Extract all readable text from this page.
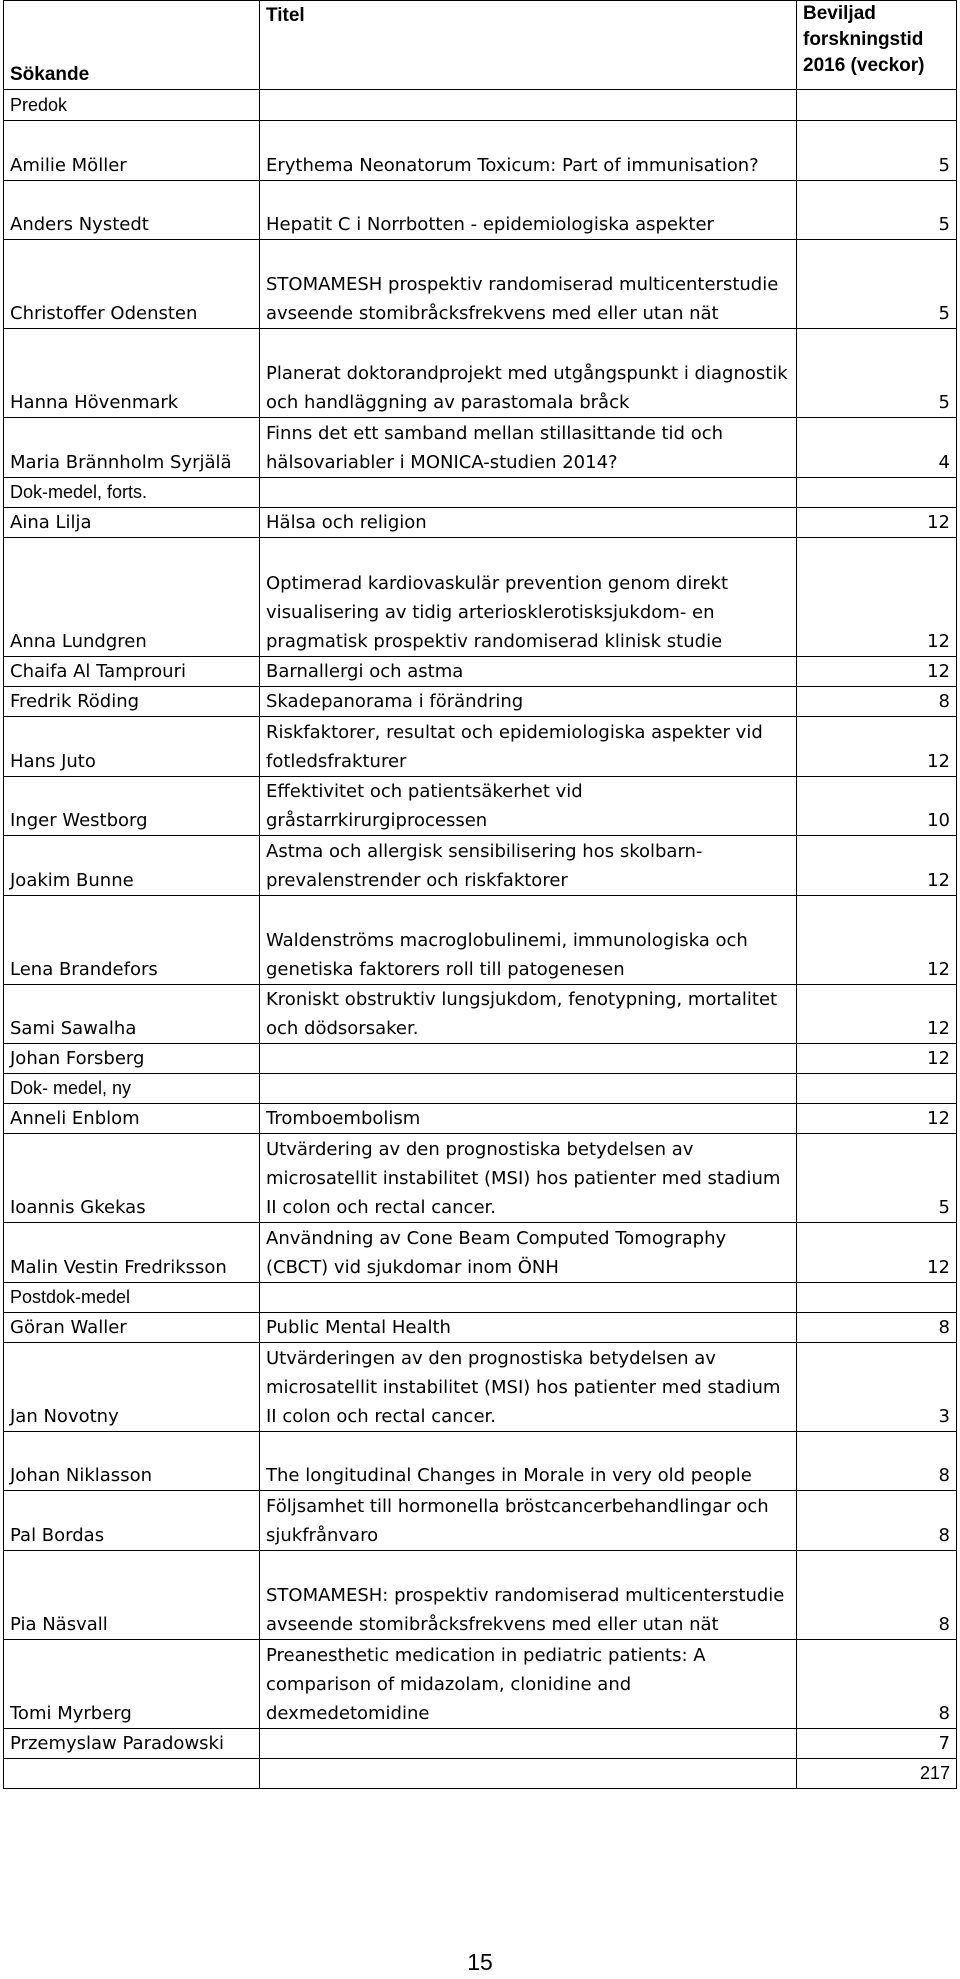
Sökande	Titel	Beviljad forskningstid 2016 (veckor)
Predok		
Amilie Möller	Erythema Neonatorum Toxicum: Part of immunisation?	5
Anders Nystedt	Hepatit C i Norrbotten - epidemiologiska aspekter	5
Christoffer Odensten	STOMAMESH prospektiv randomiserad multicenterstudie avseende stomibråcksfrekvens med eller utan nät	5
Hanna Hövenmark	Planerat doktorandprojekt med utgångspunkt i diagnostik och handläggning av parastomala bråck	5
Maria Brännholm Syrjälä	Finns det ett samband mellan stillasittande tid och hälsovariabler i MONICA-studien 2014?	4
Dok-medel, forts.		
Aina Lilja	Hälsa och religion	12
Anna Lundgren	Optimerad kardiovaskulär prevention genom direkt visualisering av tidig arteriosklerotisksjukdom- en pragmatisk prospektiv randomiserad klinisk studie	12
Chaifa Al Tamprouri	Barnallergi och astma	12
Fredrik Röding	Skadepanorama i förändring	8
Hans Juto	Riskfaktorer, resultat och epidemiologiska aspekter vid fotledsfrakturer	12
Inger Westborg	Effektivitet och patientsäkerhet vid gråstarrkirurgiprocessen	10
Joakim Bunne	Astma och allergisk sensibilisering hos skolbarn- prevalenstrender och riskfaktorer	12
Lena Brandefors	Waldenströms macroglobulinemi, immunologiska och genetiska faktorers roll till patogenesen	12
Sami Sawalha	Kroniskt obstruktiv lungsjukdom, fenotypning, mortalitet och dödsorsaker.	12
Johan Forsberg		12
Dok- medel, ny		
Anneli Enblom	Tromboembolism	12
Ioannis Gkekas	Utvärdering av den prognostiska betydelsen av microsatellit instabilitet (MSI) hos patienter med stadium II colon och rectal cancer.	5
Malin Vestin Fredriksson	Användning av Cone Beam Computed Tomography (CBCT) vid sjukdomar inom ÖNH	12
Postdok-medel		
Göran Waller	Public Mental Health	8
Jan Novotny	Utvärderingen av den prognostiska betydelsen av microsatellit instabilitet (MSI) hos patienter med stadium II colon och rectal cancer.	3
Johan Niklasson	The longitudinal Changes in Morale in very old people	8
Pal Bordas	Följsamhet till hormonella bröstcancerbehandlingar och sjukfrånvaro	8
Pia Näsvall	STOMAMESH: prospektiv randomiserad multicenterstudie avseende stomibråcksfrekvens med eller utan nät	8
Tomi Myrberg	Preanesthetic medication in pediatric patients: A comparison of midazolam, clonidine and dexmedetomidine	8
Przemyslaw Paradowski		7
		217
15
